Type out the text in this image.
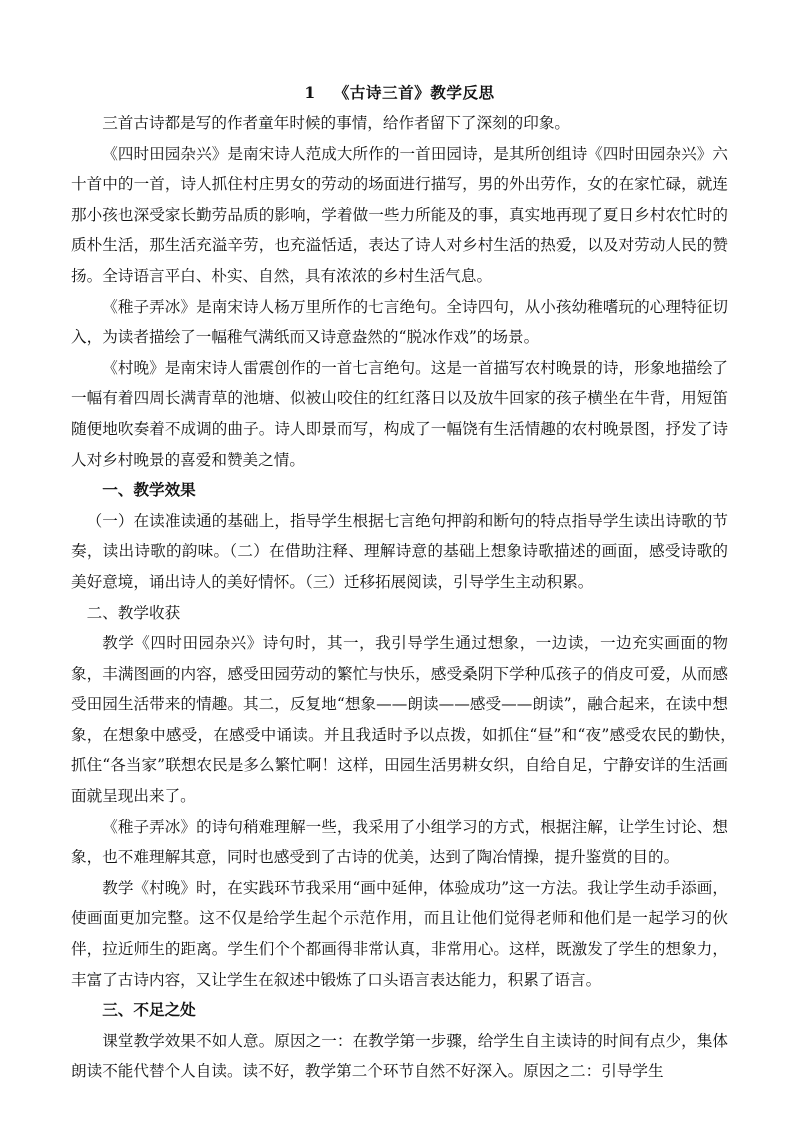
1 《古诗三首》教学反思

三首古诗都是写的作者童年时候的事情，给作者留下了深刻的印象。

《四时田园杂兴》是南宋诗人范成大所作的一首田园诗，是其所创组诗《四时田园杂兴》六十首中的一首，诗人抓住村庄男女的劳动的场面进行描写，男的外出劳作，女的在家忙碌，就连那小孩也深受家长勤劳品质的影响，学着做一些力所能及的事，真实地再现了夏日乡村农忙时的质朴生活，那生活充溢辛劳，也充溢恬适，表达了诗人对乡村生活的热爱，以及对劳动人民的赞扬。全诗语言平白、朴实、自然，具有浓浓的乡村生活气息。

《稚子弄冰》是南宋诗人杨万里所作的七言绝句。全诗四句，从小孩幼稚嗜玩的心理特征切入，为读者描绘了一幅稚气满纸而又诗意盎然的“脱冰作戏”的场景。

《村晚》是南宋诗人雷震创作的一首七言绝句。这是一首描写农村晚景的诗，形象地描绘了一幅有着四周长满青草的池塘、似被山咬住的红红落日以及放牛回家的孩子横坐在牛背，用短笛随便地吹奏着不成调的曲子。诗人即景而写，构成了一幅饶有生活情趣的农村晚景图，抒发了诗人对乡村晚景的喜爱和赞美之情。

一、教学效果

（一）在读准读通的基础上，指导学生根据七言绝句押韵和断句的特点指导学生读出诗歌的节奏，读出诗歌的韵味。（二）在借助注释、理解诗意的基础上想象诗歌描述的画面，感受诗歌的美好意境，诵出诗人的美好情怀。（三）迁移拓展阅读，引导学生主动积累。

二、教学收获

教学《四时田园杂兴》诗句时，其一，我引导学生通过想象，一边读，一边充实画面的物象，丰满图画的内容，感受田园劳动的繁忙与快乐，感受桑阴下学种瓜孩子的俏皮可爱，从而感受田园生活带来的情趣。其二，反复地“想象——朗读——感受——朗读”，融合起来，在读中想象，在想象中感受，在感受中诵读。并且我适时予以点拨，如抓住“昼”和“夜”感受农民的勤快，　抓住“各当家”联想农民是多么繁忙啊！这样，田园生活男耕女织，自给自足，宁静安详的生活画面就呈现出来了。

《稚子弄冰》的诗句稍难理解一些，我采用了小组学习的方式，根据注解，让学生讨论、想象，也不难理解其意，同时也感受到了古诗的优美，达到了陶冶情操，提升鉴赏的目的。

教学《村晚》时，在实践环节我采用“画中延伸，体验成功”这一方法。我让学生动手添画，使画面更加完整。这不仅是给学生起个示范作用，而且让他们觉得老师和他们是一起学习的伙伴，拉近师生的距离。学生们个个都画得非常认真，非常用心。这样，既激发了学生的想象力，丰富了古诗内容，又让学生在叙述中锻炼了口头语言表达能力，积累了语言。

三、不足之处

课堂教学效果不如人意。原因之一：在教学第一步骤，给学生自主读诗的时间有点少，集体朗读不能代替个人自读。读不好，教学第二个环节自然不好深入。原因之二：引导学生
